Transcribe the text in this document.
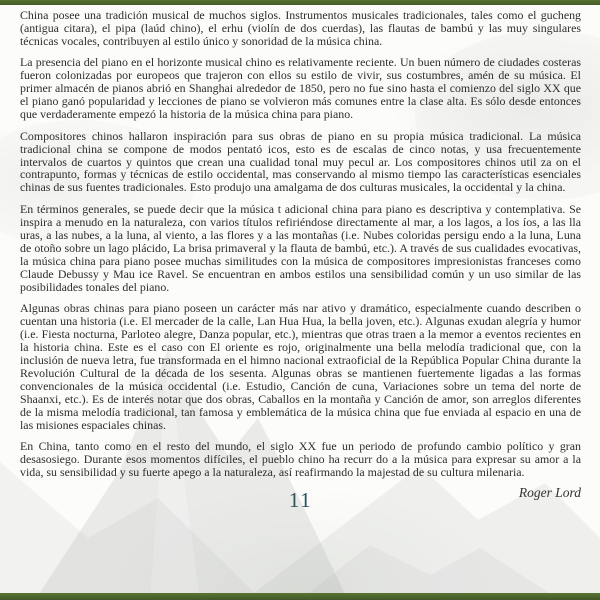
China posee una tradición musical de muchos siglos. Instrumentos musicales tradicionales, tales como el gucheng (antigua citara), el pipa (laúd chino), el erhu (violín de dos cuerdas), las flautas de bambú y las muy singulares técnicas vocales, contribuyen al estilo único y sonoridad de la música china.

La presencia del piano en el horizonte musical chino es relativamente reciente. Un buen número de ciudades costeras fueron colonizadas por europeos que trajeron con ellos su estilo de vivir, sus costumbres, amén de su música. El primer almacén de pianos abrió en Shanghai alrededor de 1850, pero no fue sino hasta el comienzo del siglo XX que el piano ganó popularidad y lecciones de piano se volvieron más comunes entre la clase alta. Es sólo desde entonces que verdaderamente empezó la historia de la música china para piano.

Compositores chinos hallaron inspiración para sus obras de piano en su propia música tradicional. La música tradicional china se compone de modos pentató icos, esto es de escalas de cinco notas, y usa frecuentemente intervalos de cuartos y quintos que crean una cualidad tonal muy pecul ar. Los compositores chinos util za on el contrapunto, formas y técnicas de estilo occidental, mas conservando al mismo tiempo las características esenciales chinas de sus fuentes tradicionales. Esto produjo una amalgama de dos culturas musicales, la occidental y la china.

En términos generales, se puede decir que la música t adicional china para piano es descriptiva y contemplativa. Se inspira a menudo en la naturaleza, con varios títulos refiriéndose directamente al mar, a los lagos, a los íos, a las lla uras, a las nubes, a la luna, al viento, a las flores y a las montañas (i.e. Nubes coloridas persigu endo a la luna, Luna de otoño sobre un lago plácido, La brisa primaveral y la flauta de bambú, etc.). A través de sus cualidades evocativas, la música china para piano posee muchas similitudes con la música de compositores impresionistas franceses como Claude Debussy y Mau ice Ravel. Se encuentran en ambos estilos una sensibilidad común y un uso similar de las posibilidades tonales del piano.

Algunas obras chinas para piano poseen un carácter más nar ativo y dramático, especialmente cuando describen o cuentan una historia (i.e. El mercader de la calle, Lan Hua Hua, la bella joven, etc.). Algunas exudan alegría y humor (i.e. Fiesta nocturna, Parloteo alegre, Danza popular, etc.), mientras que otras traen a la memor a eventos recientes en la historia china. Este es el caso con El oriente es rojo, originalmente una bella melodía tradicional que, con la inclusión de nueva letra, fue transformada en el himno nacional extraoficial de la República Popular China durante la Revolución Cultural de la década de los sesenta. Algunas obras se mantienen fuertemente ligadas a las formas convencionales de la música occidental (i.e. Estudio, Canción de cuna, Variaciones sobre un tema del norte de Shaanxi, etc.). Es de interés notar que dos obras, Caballos en la montaña y Canción de amor, son arreglos diferentes de la misma melodía tradicional, tan famosa y emblemática de la música china que fue enviada al espacio en una de las misiones espaciales chinas.

En China, tanto como en el resto del mundo, el siglo XX fue un periodo de profundo cambio político y gran desasosiego. Durante esos momentos difíciles, el pueblo chino ha recurr do a la música para expresar su amor a la vida, su sensibilidad y su fuerte apego a la naturaleza, así reafirmando la majestad de su cultura milenaria.

Roger Lord
11
